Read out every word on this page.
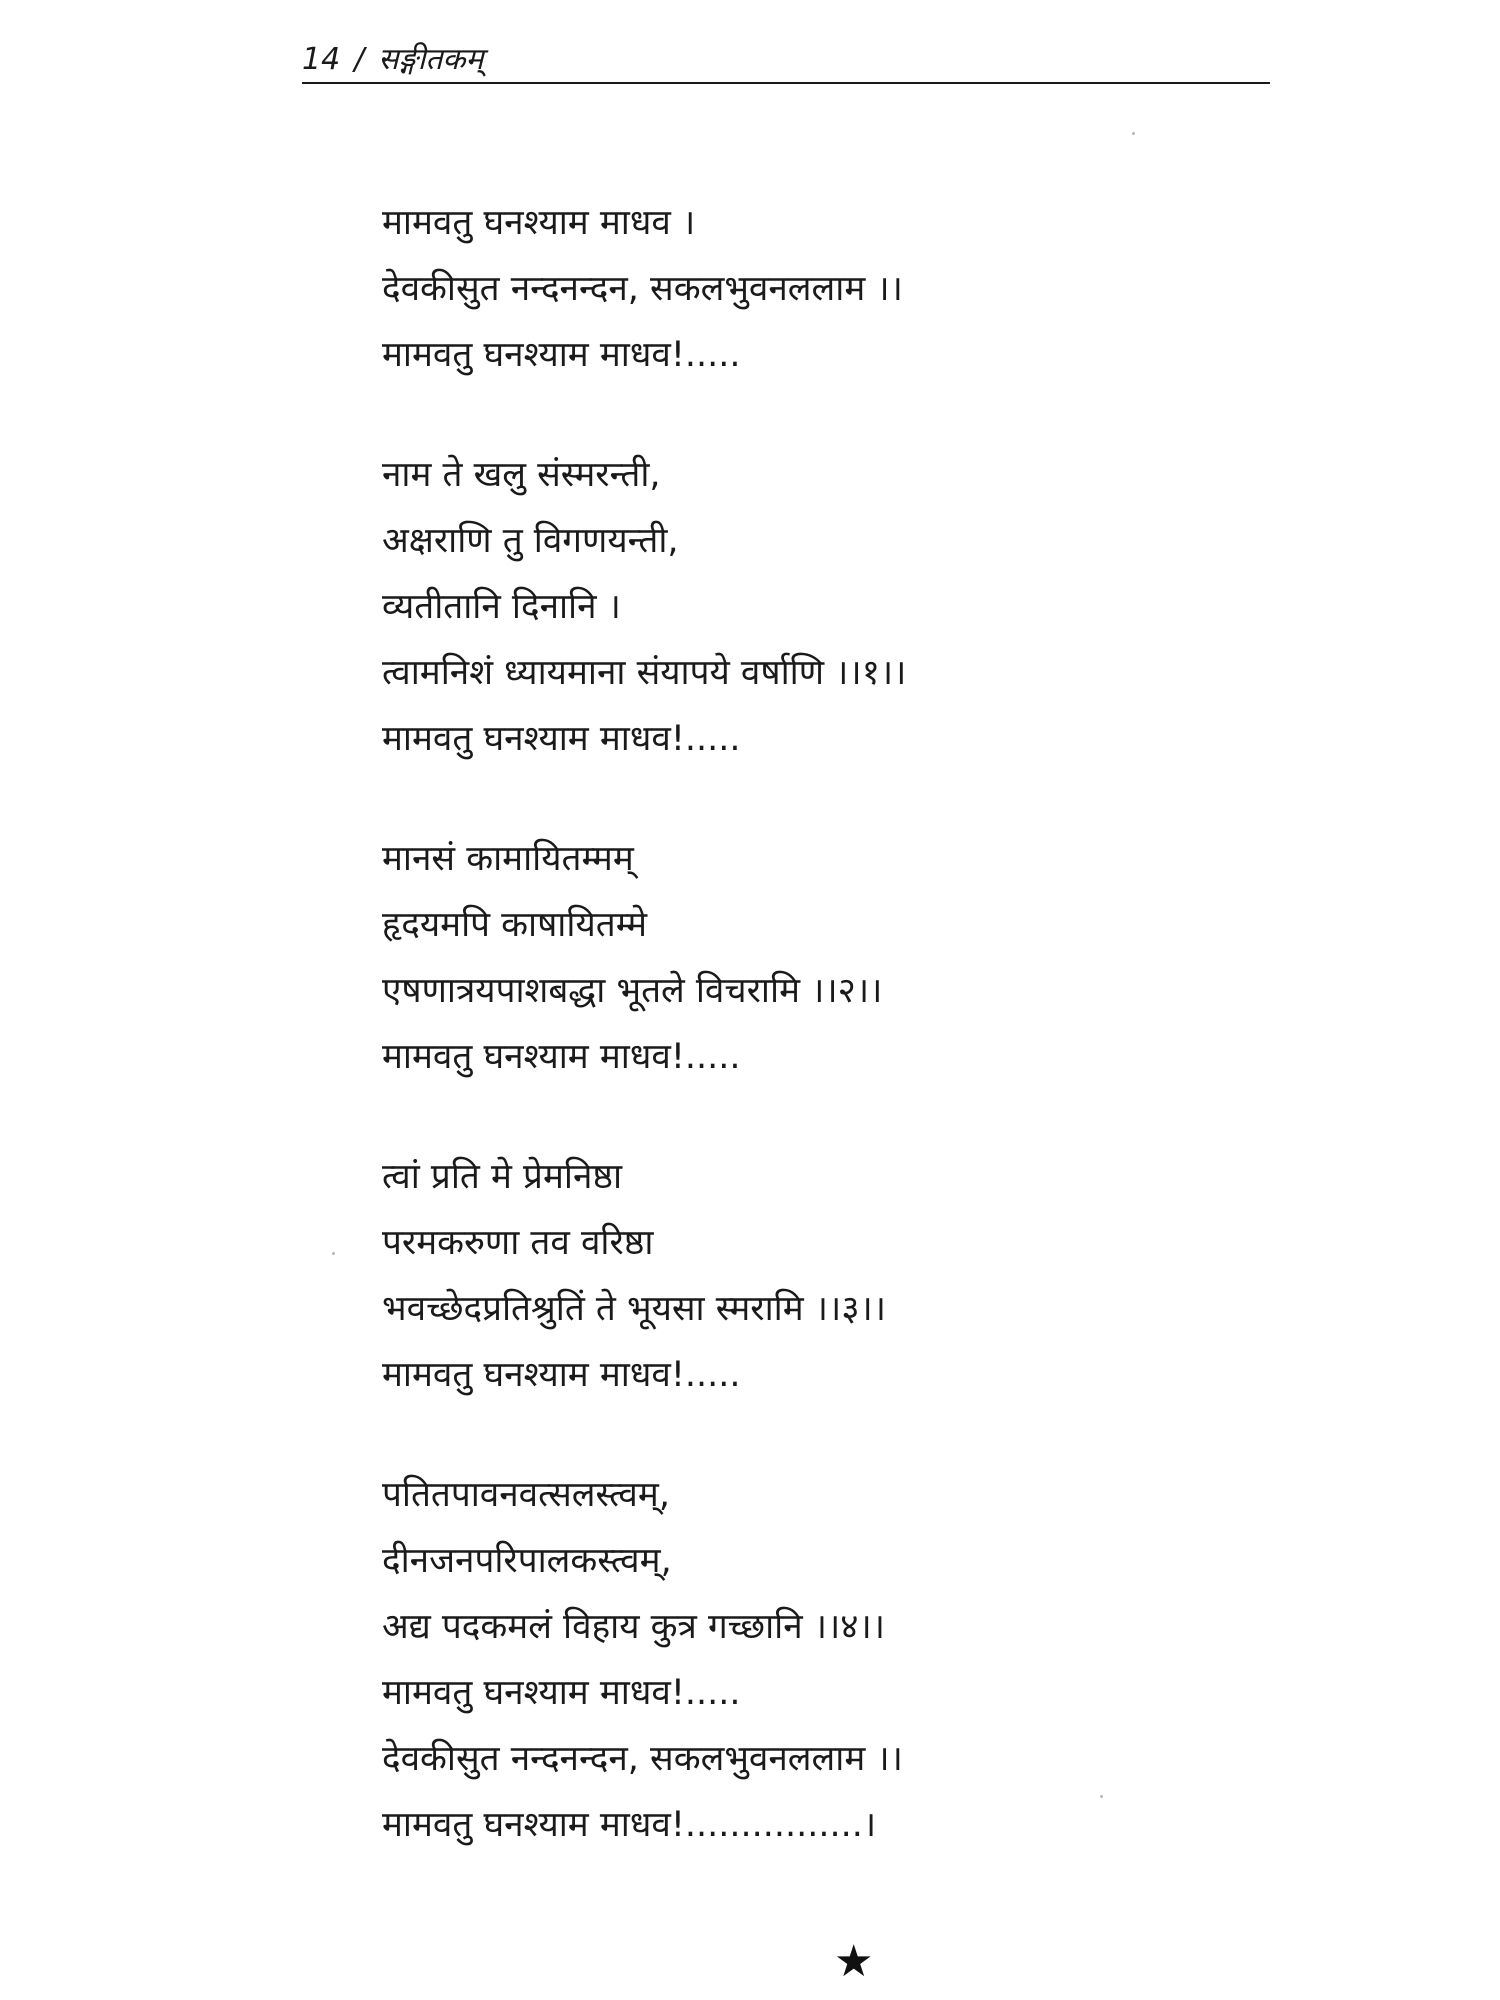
14 / सङ्गीतकम्
मामवतु घनश्याम माधव ।
देवकीसुत नन्दनन्दन, सकलभुवनललाम ।।
मामवतु घनश्याम माधव!.....
नाम ते खलु संस्मरन्ती,
अक्षराणि तु विगणयन्ती,
व्यतीतानि दिनानि ।
त्वामनिशं ध्यायमाना संयापये वर्षाणि ।।१।।
मामवतु घनश्याम माधव!.....
मानसं कामायितम्मम्
हृदयमपि काषायितम्मे
एषणात्रयपाशबद्धा भूतले विचरामि ।।२।।
मामवतु घनश्याम माधव!.....
त्वां प्रति मे प्रेमनिष्ठा
परमकरुणा तव वरिष्ठा
भवच्छेदप्रतिश्रुतिं ते भूयसा स्मरामि ।।३।।
मामवतु घनश्याम माधव!.....
पतितपावनवत्सलस्त्वम्,
दीनजनपरिपालकस्त्वम्,
अद्य पदकमलं विहाय कुत्र गच्छानि ।।४।।
मामवतु घनश्याम माधव!.....
देवकीसुत नन्दनन्दन, सकलभुवनललाम ।।
मामवतु घनश्याम माधव!................।
★
